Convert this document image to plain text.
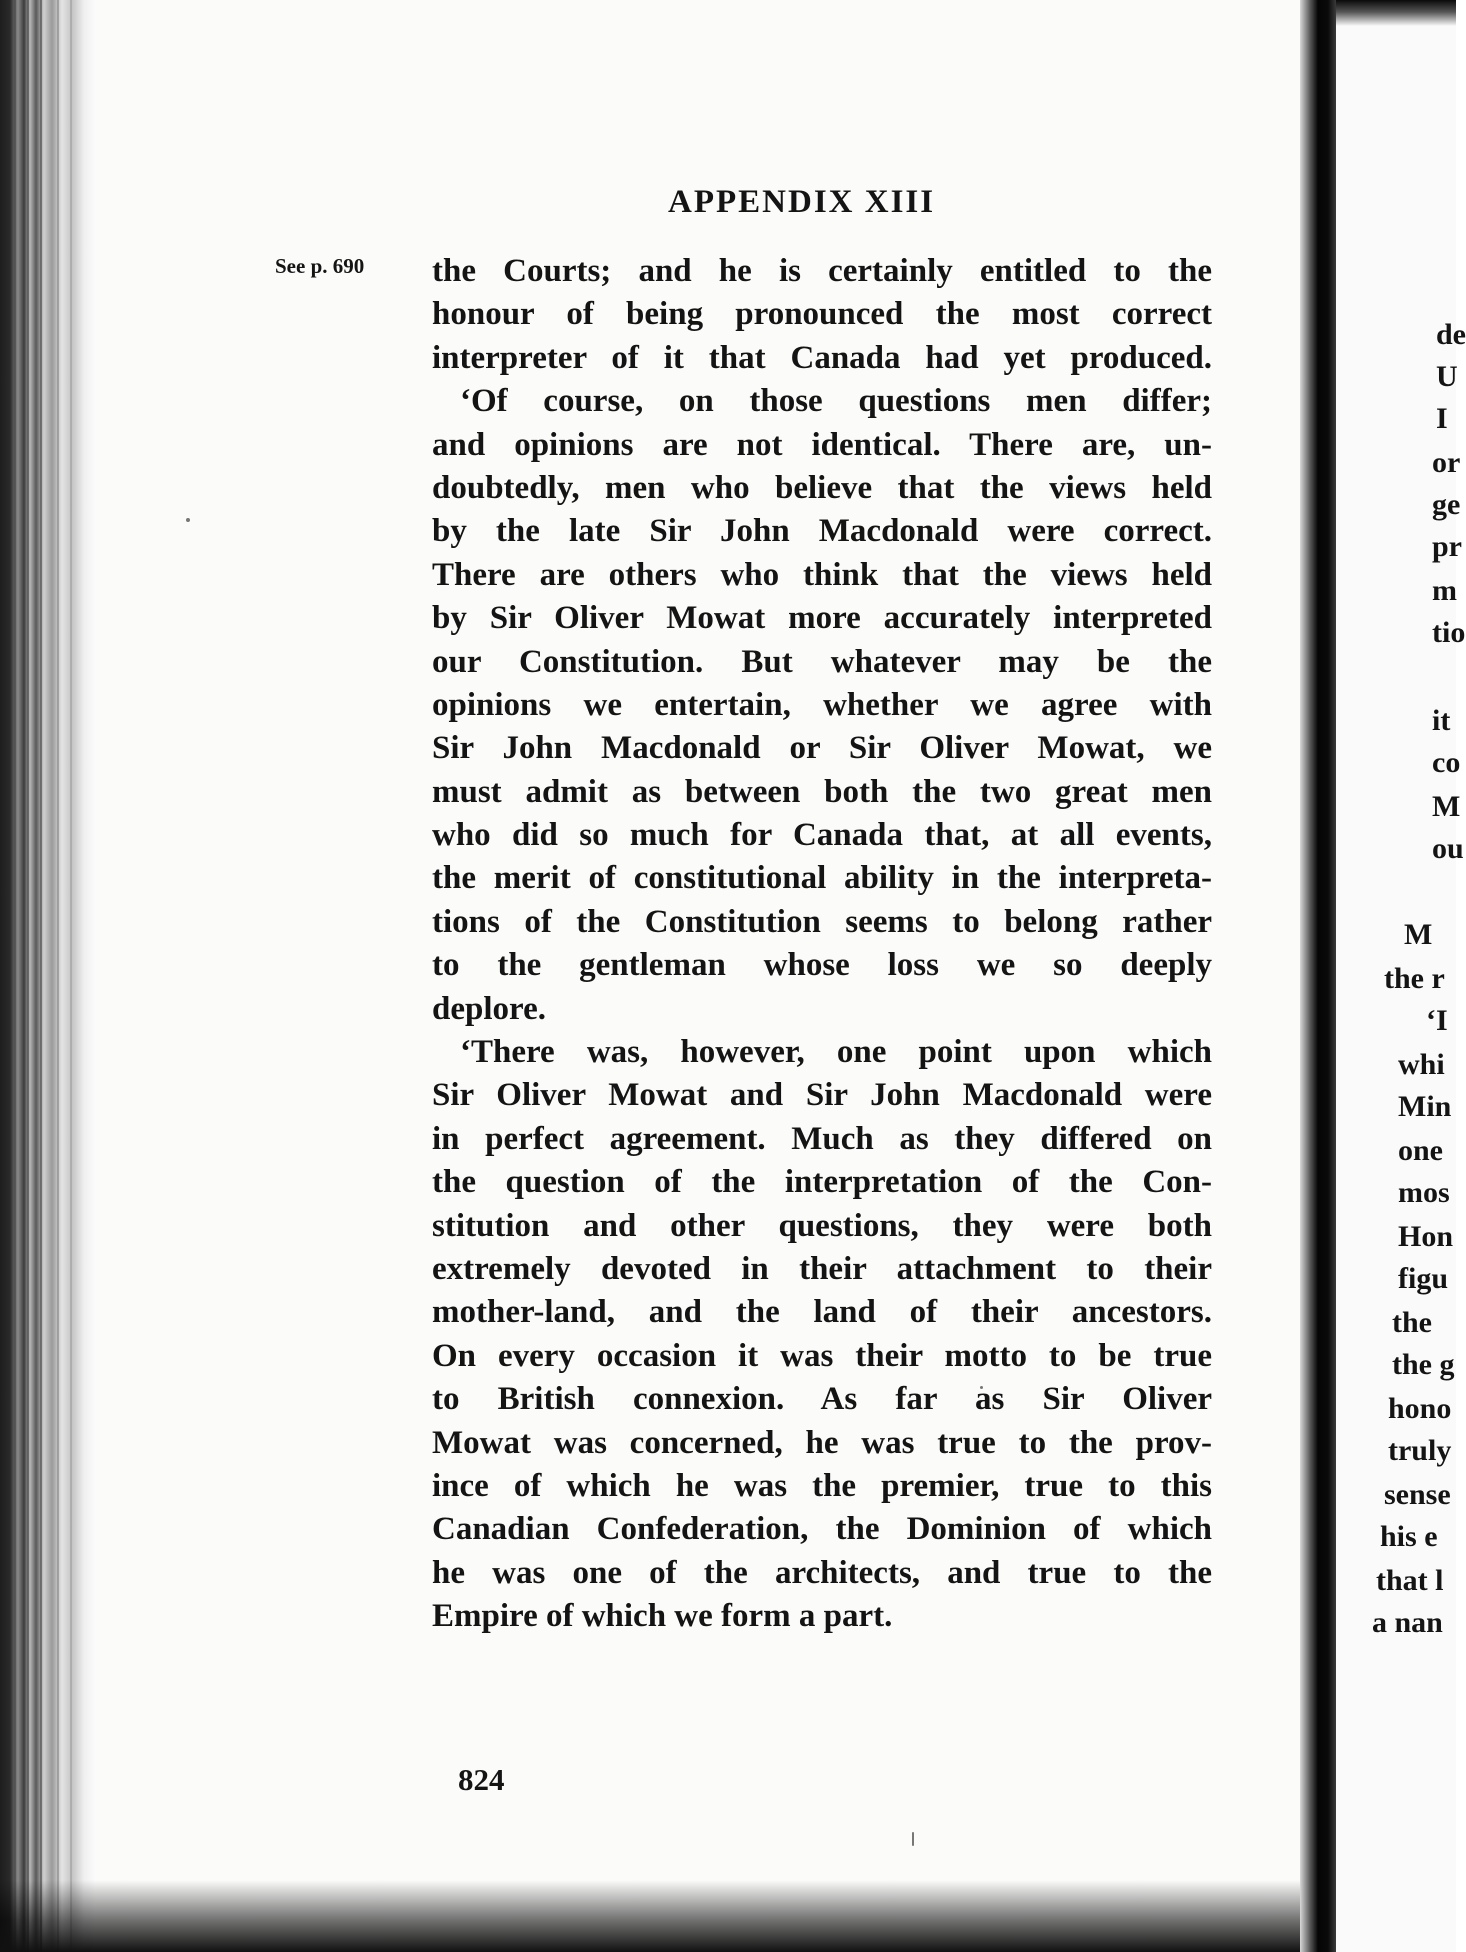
APPENDIX XIII
See p. 690 the Courts; and he is certainly entitled to the
honour of being pronounced the most correct
interpreter of it that Canada had yet produced.
‘Of course, on those questions men differ;
and opinions are not identical. There are, un-
doubtedly, men who believe that the views held
by the late Sir John Macdonald were correct.
There are others who think that the views held
by Sir Oliver Mowat more accurately interpreted
our Constitution. But whatever may be the
opinions we entertain, whether we agree with
Sir John Macdonald or Sir Oliver Mowat, we
must admit as between both the two great men
who did so much for Canada that, at all events,
the merit of constitutional ability in the interpreta-
tions of the Constitution seems to belong rather
to the gentleman whose loss we so deeply
deplore.
‘There was, however, one point upon which
Sir Oliver Mowat and Sir John Macdonald were
in perfect agreement. Much as they differed on
the question of the interpretation of the Con-
stitution and other questions, they were both
extremely devoted in their attachment to their
mother-land, and the land of their ancestors.
On every occasion it was their motto to be true
to British connexion. As far as Sir Oliver
Mowat was concerned, he was true to the prov-
ince of which he was the premier, true to this
Canadian Confederation, the Dominion of which
he was one of the architects, and true to the
Empire of which we form a part.
824
de
U
I
or
ge
pr
m
tio
it
co
M
ou
M
the r
‘I
whi
Min
one
mos
Hon
figu
the
the g
hono
truly
sense
his e
that l
a nan
